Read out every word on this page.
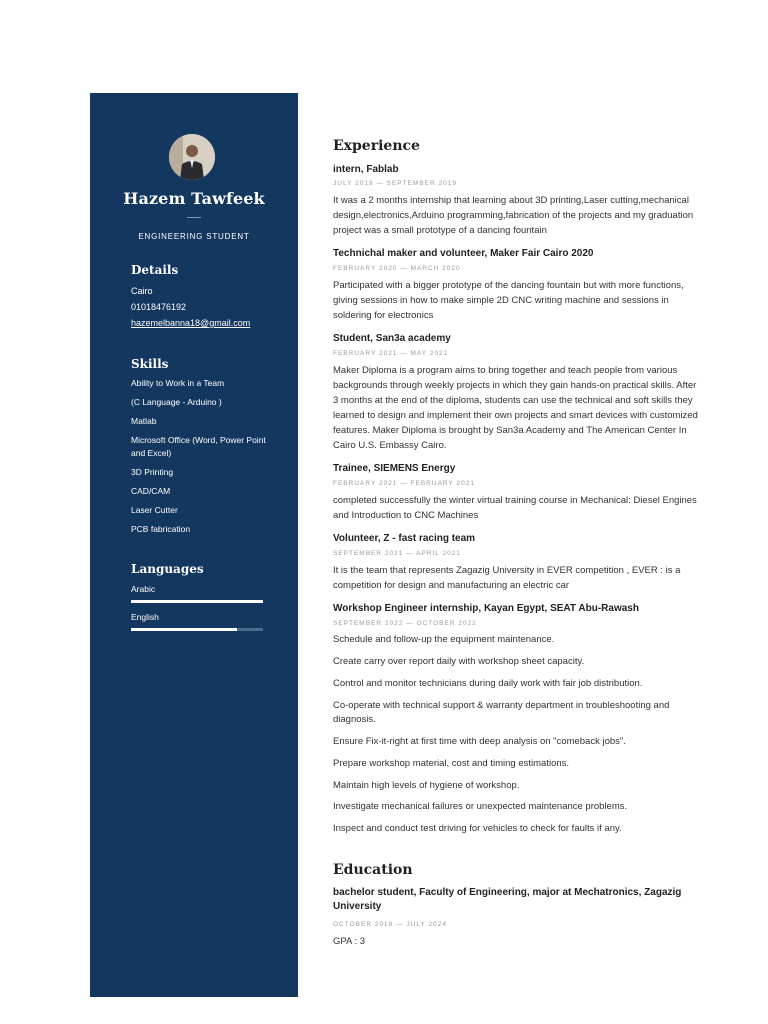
Hazem Tawfeek
ENGINEERING STUDENT
Details
Cairo
01018476192
hazemelbanna18@gmail.com
Skills
Ability to Work in a Team
(C Language - Arduino )
Matlab
Microsoft Office (Word, Power Point and Excel)
3D Printing
CAD/CAM
Laser Cutter
PCB fabrication
Languages
Arabic
English
Experience
intern, Fablab
JULY 2019 — SEPTEMBER 2019
It was a 2 months internship that learning about 3D printing,Laser cutting,mechanical design,electronics,Arduino programming,fabrication of the projects and my graduation project was a small prototype of a dancing fountain
Technichal maker and volunteer, Maker Fair Cairo 2020
FEBRUARY 2020 — MARCH 2020
Participated with a bigger prototype of the dancing fountain but with more functions, giving sessions in how to make simple 2D CNC writing machine and sessions in soldering for electronics
Student, San3a academy
FEBRUARY 2021 — MAY 2021
Maker Diploma is a program aims to bring together and teach people from various backgrounds through weekly projects in which they gain hands-on practical skills. After 3 months at the end of the diploma, students can use the technical and soft skills they learned to design and implement their own projects and smart devices with customized features. Maker Diploma is brought by San3a Academy and The American Center In Cairo U.S. Embassy Cairo.
Trainee, SIEMENS Energy
FEBRUARY 2021 — FEBRUARY 2021
completed successfully the winter virtual training course in Mechanical: Diesel Engines and Introduction to CNC Machines
Volunteer, Z - fast racing team
SEPTEMBER 2021 — APRIL 2021
It is the team that represents Zagazig University in EVER competition , EVER : is a competition for design and manufacturing an electric car
Workshop Engineer internship, Kayan Egypt, SEAT Abu-Rawash
SEPTEMBER 2022 — OCTOBER 2022
Schedule and follow-up the equipment maintenance.
Create carry over report daily with workshop sheet capacity.
Control and monitor technicians during daily work with fair job distribution.
Co-operate with technical support & warranty department in troubleshooting and diagnosis.
Ensure Fix-it-right at first time with deep analysis on "comeback jobs".
Prepare workshop material, cost and timing estimations.
Maintain high levels of hygiene of workshop.
Investigate mechanical failures or unexpected maintenance problems.
Inspect and conduct test driving for vehicles to check for faults if any.
Education
bachelor student, Faculty of Engineering, major at Mechatronics, Zagazig University
OCTOBER 2019 — JULY 2024
GPA : 3
